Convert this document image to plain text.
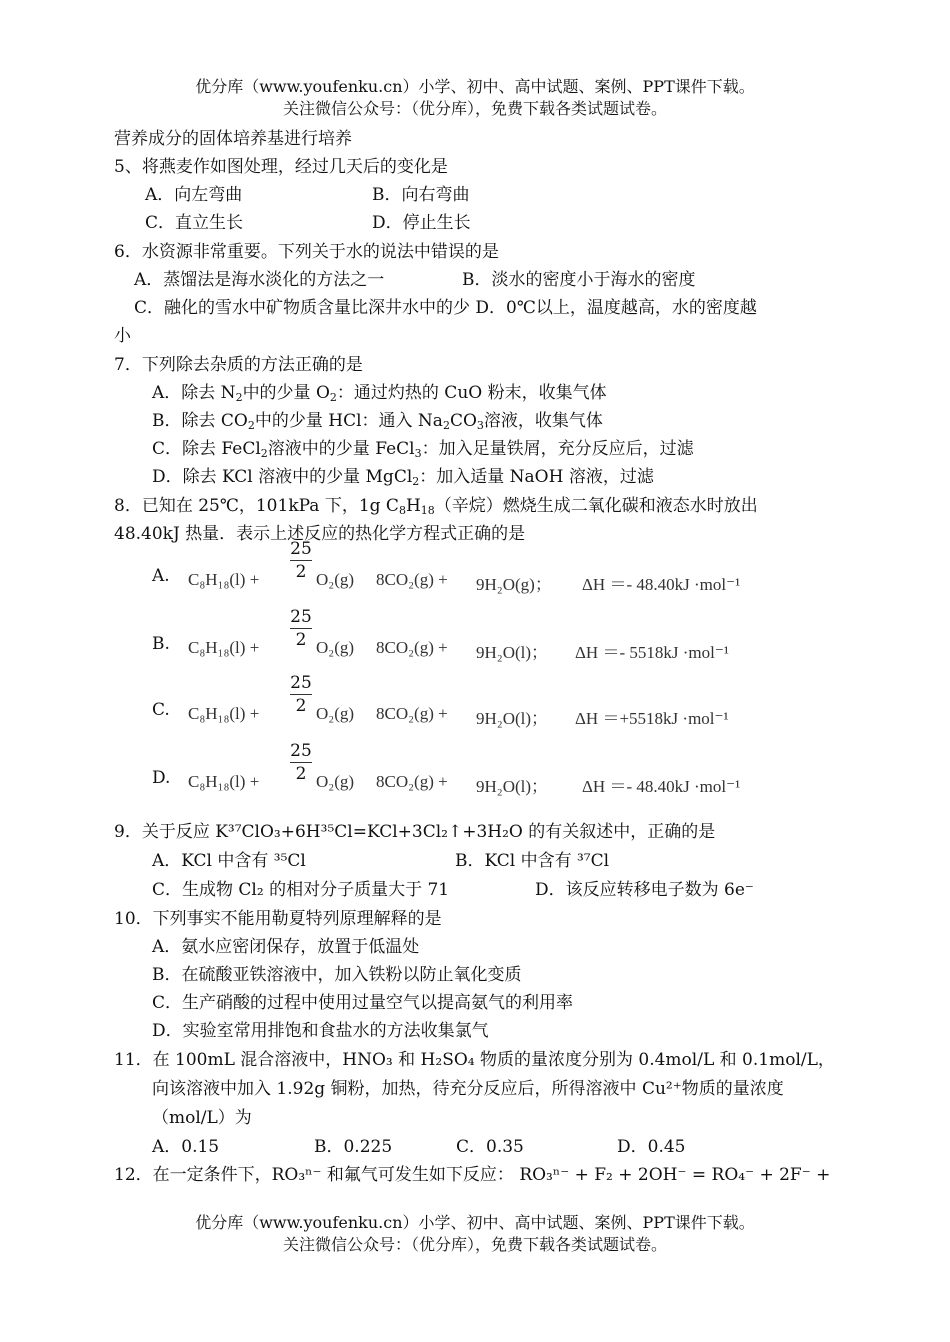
优分库（www.youfenku.cn）小学、初中、高中试题、案例、PPT课件下载。
关注微信公众号：（优分库），免费下载各类试题试卷。
营养成分的固体培养基进行培养
5、将燕麦作如图处理，经过几天后的变化是
A．向左弯曲	B．向右弯曲
C．直立生长	D．停止生长
6．水资源非常重要。下列关于水的说法中错误的是
A．蒸馏法是海水淡化的方法之一	B．淡水的密度小于海水的密度
C．融化的雪水中矿物质含量比深井水中的少 D．0℃以上，温度越高，水的密度越
小
7．下列除去杂质的方法正确的是
A．除去 $N_2$中的少量 $O_2$：通过灼热的 CuO 粉末，收集气体
B．除去 $CO_2$中的少量 HCl：通入 $Na_2CO_3$溶液，收集气体
C．除去 FeCl$_2$溶液中的少量 FeCl$_3$：加入足量铁屑，充分反应后，过滤
D．除去 KCl 溶液中的少量 MgCl$_2$：加入适量 NaOH 溶液，过滤
8．已知在 25℃，101kPa 下，1g $C_8H_{18}$（辛烷）燃烧生成二氧化碳和液态水时放出
48.40kJ 热量．表示上述反应的热化学方程式正确的是
A. $C_8H_{18}(l) + \frac{25}{2} O_2(g) 8CO_2(g) + 9H_2O(g)$； ΔH ＝- 48.40kJ ·mol⁻¹
B. $C_8H_{18}(l) + \frac{25}{2} O_2(g) 8CO_2(g) + 9H_2O(l)$； ΔH ＝- 5518kJ ·mol⁻¹
C. $C_8H_{18}(l) + \frac{25}{2} O_2(g) 8CO_2(g) + 9H_2O(l)$； ΔH ＝+5518kJ ·mol⁻¹
D. $C_8H_{18}(l) + \frac{25}{2} O_2(g) 8CO_2(g) + 9H_2O(l)$； ΔH ＝- 48.40kJ ·mol⁻¹
9．关于反应 K³⁷ClO₃+6H³⁵Cl=KCl+3Cl₂↑+3H₂O 的有关叙述中，正确的是
A．KCl 中含有 ³⁵Cl	B．KCl 中含有 ³⁷Cl
C．生成物 Cl₂ 的相对分子质量大于 71	D．该反应转移电子数为 6e⁻
10．下列事实不能用勒夏特列原理解释的是
A．氨水应密闭保存，放置于低温处
B．在硫酸亚铁溶液中，加入铁粉以防止氧化变质
C．生产硝酸的过程中使用过量空气以提高氨气的利用率
D．实验室常用排饱和食盐水的方法收集氯气
11．在 100mL 混合溶液中，HNO₃ 和 H₂SO₄ 物质的量浓度分别为 0.4mol/L 和 0.1mol/L，
向该溶液中加入 1.92g 铜粉，加热，待充分反应后，所得溶液中 Cu²⁺物质的量浓度
（mol/L）为
A．0.15	B．0.225	C．0.35	D．0.45
12．在一定条件下，RO₃ⁿ⁻ 和氟气可发生如下反应： RO₃ⁿ⁻ + F₂ + 2OH⁻ = RO₄⁻ + 2F⁻ +
优分库（www.youfenku.cn）小学、初中、高中试题、案例、PPT课件下载。
关注微信公众号：（优分库），免费下载各类试题试卷。
